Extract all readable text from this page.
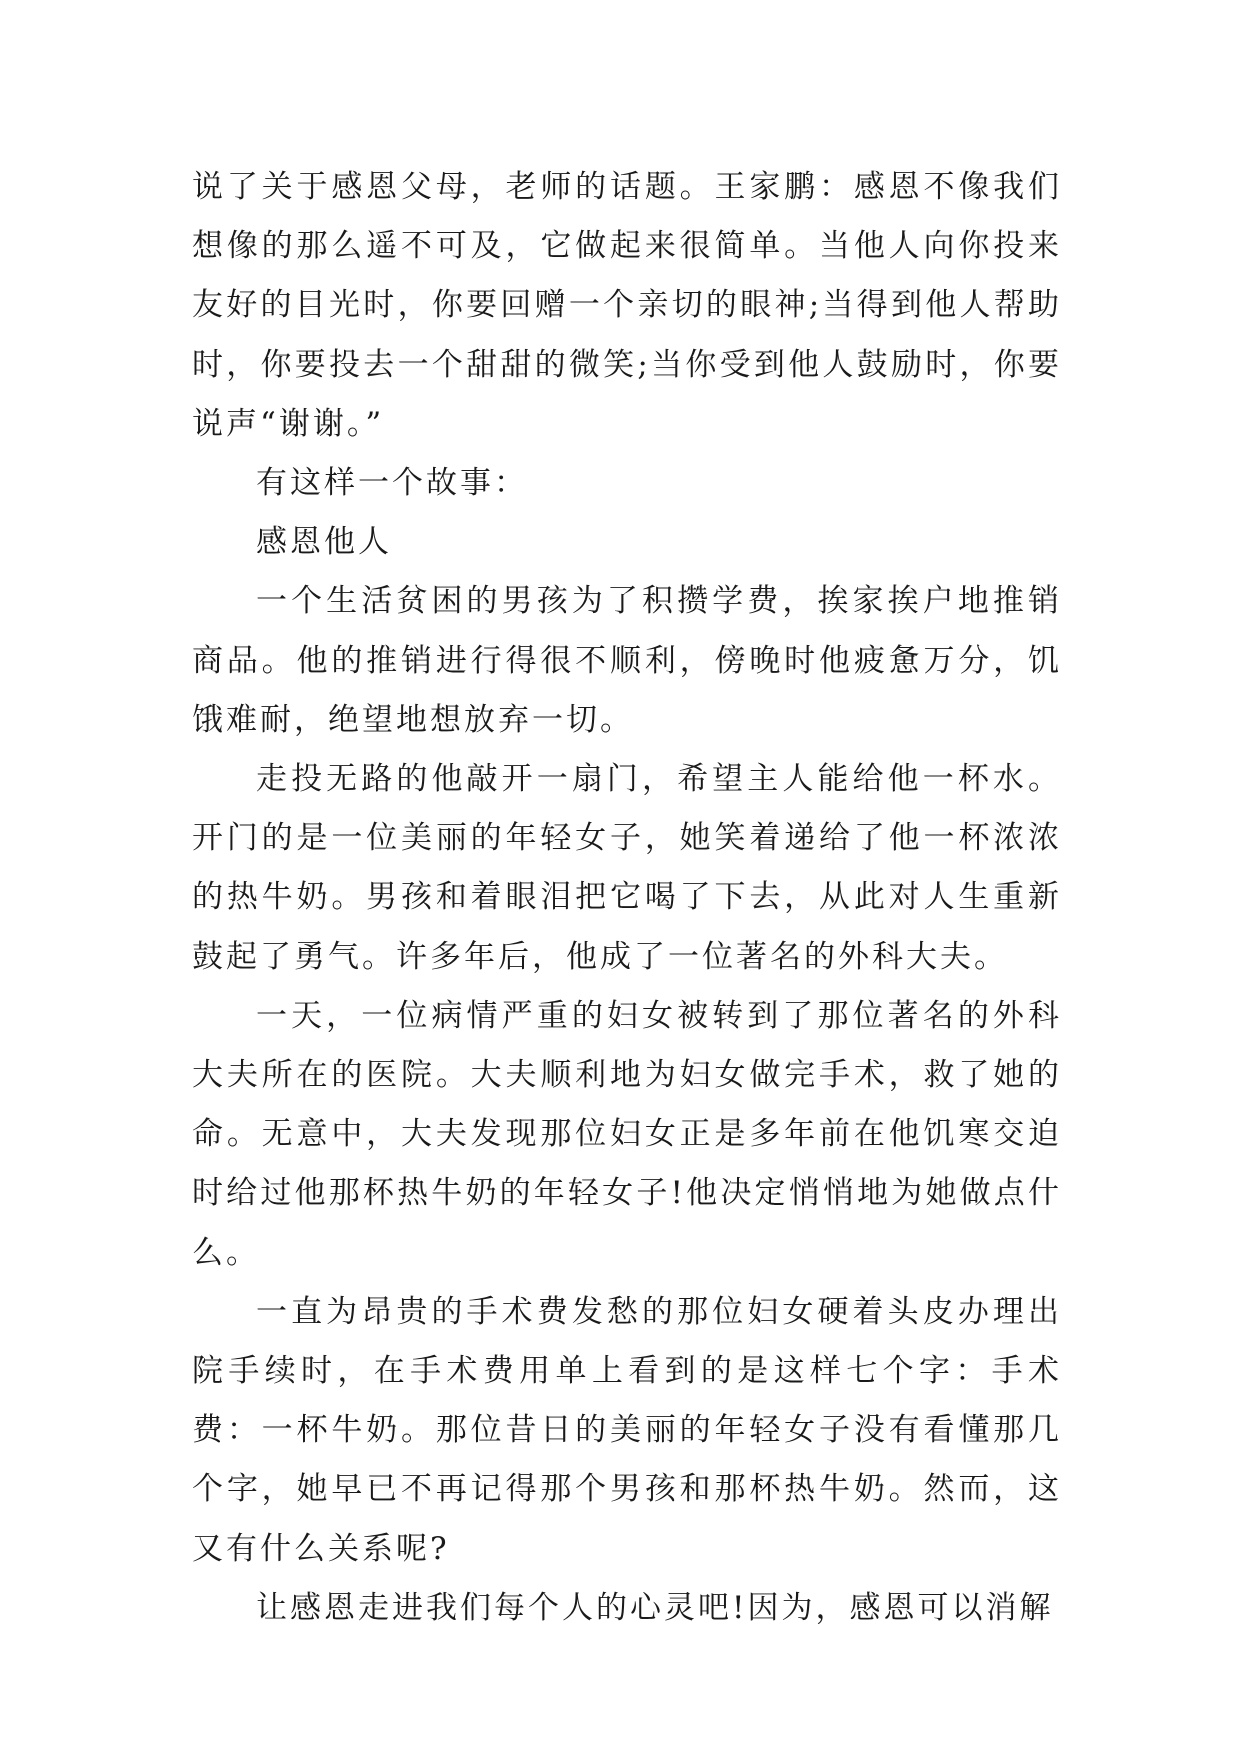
说了关于感恩父母，老师的话题。王家鹏：感恩不像我们想像的那么遥不可及，它做起来很简单。当他人向你投来友好的目光时，你要回赠一个亲切的眼神;当得到他人帮助时，你要投去一个甜甜的微笑;当你受到他人鼓励时，你要说声“谢谢。”

有这样一个故事：

感恩他人

一个生活贫困的男孩为了积攒学费，挨家挨户地推销商品。他的推销进行得很不顺利，傍晚时他疲惫万分，饥饿难耐，绝望地想放弃一切。

走投无路的他敲开一扇门，希望主人能给他一杯水。开门的是一位美丽的年轻女子，她笑着递给了他一杯浓浓的热牛奶。男孩和着眼泪把它喝了下去，从此对人生重新鼓起了勇气。许多年后，他成了一位著名的外科大夫。

一天，一位病情严重的妇女被转到了那位著名的外科大夫所在的医院。大夫顺利地为妇女做完手术，救了她的命。无意中，大夫发现那位妇女正是多年前在他饥寒交迫时给过他那杯热牛奶的年轻女子!他决定悄悄地为她做点什么。

一直为昂贵的手术费发愁的那位妇女硬着头皮办理出院手续时，在手术费用单上看到的是这样七个字：手术费：一杯牛奶。那位昔日的美丽的年轻女子没有看懂那几个字，她早已不再记得那个男孩和那杯热牛奶。然而，这又有什么关系呢?

让感恩走进我们每个人的心灵吧!因为，感恩可以消解
